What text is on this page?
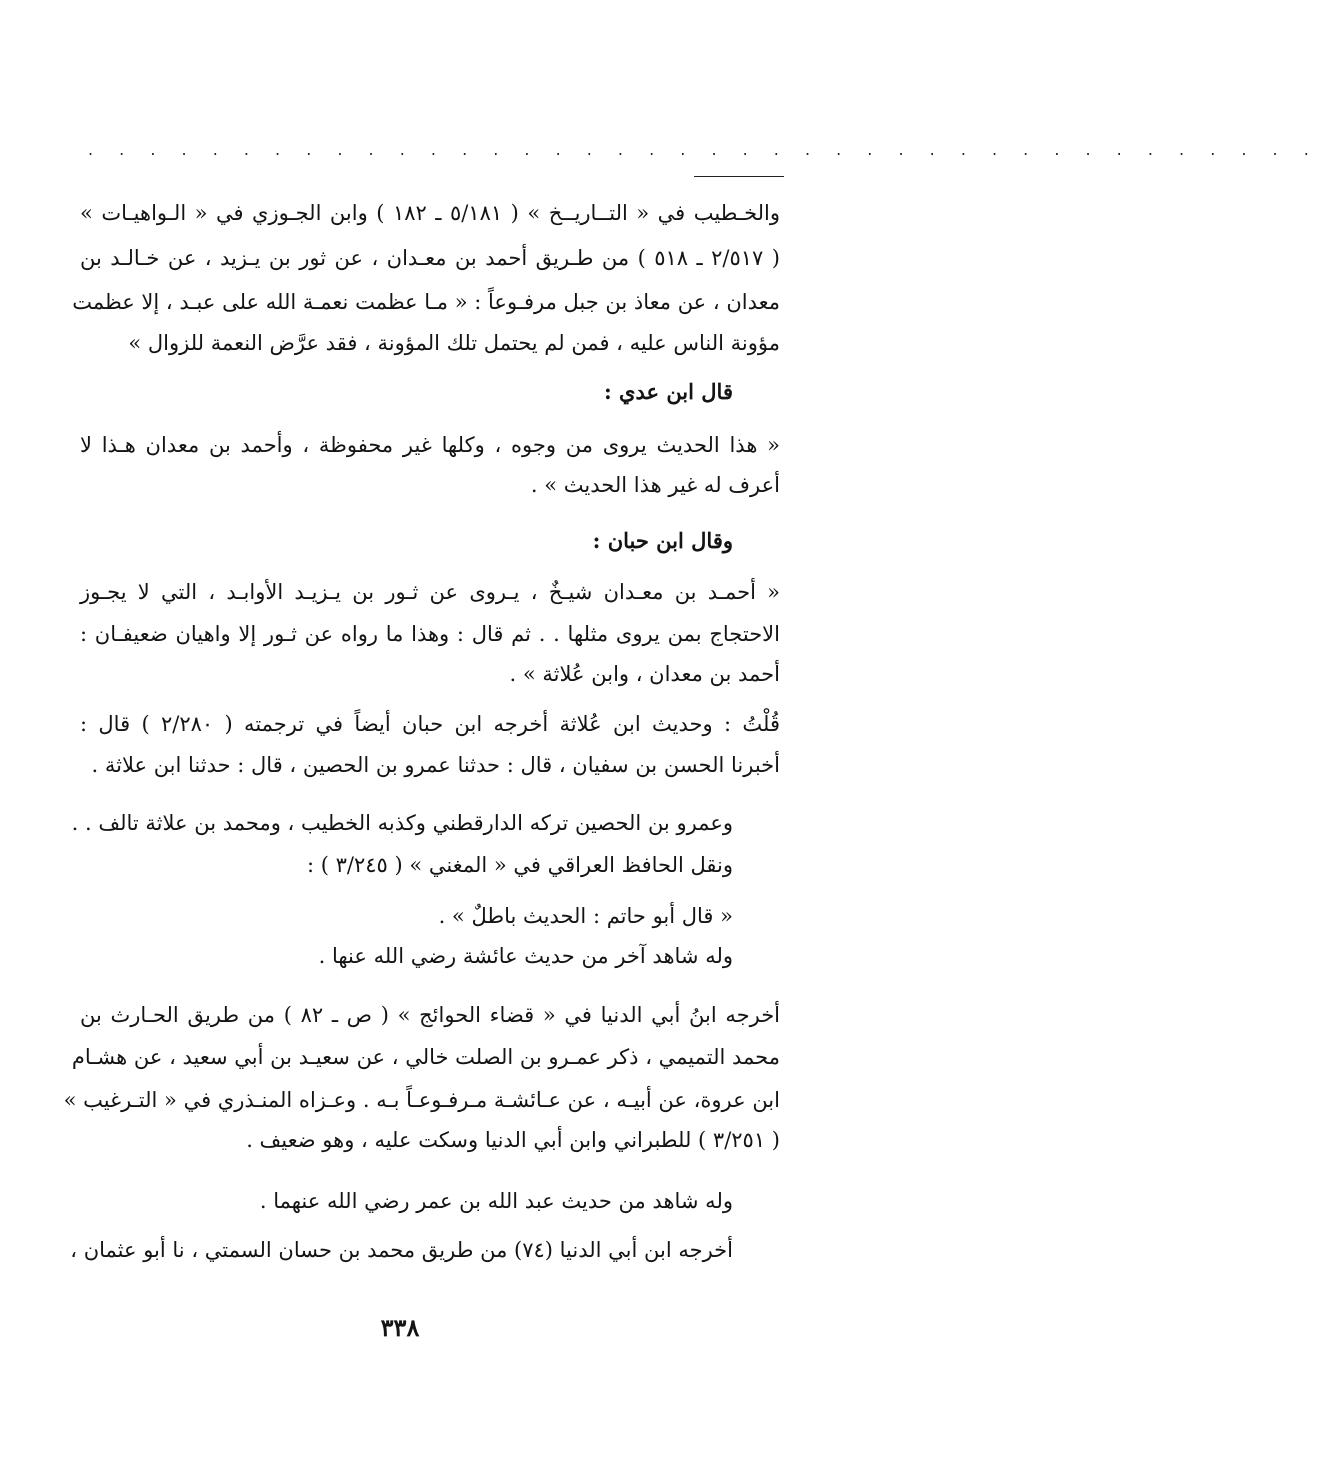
. . . . . . . . . . . . . . . . . . . . . . . . . . . . . . . . . . . . . . . .

والخـطيب في « التــاريــخ » ( ٥/١٨١ ـ ١٨٢ ) وابن الجـوزي في « الـواهيـات »

( ٢/٥١٧ ـ ٥١٨ ) من طـريق أحمد بن معـدان ، عن ثور بن يـزيد ، عن خـالـد بن

معدان ، عن معاذ بن جبل مرفـوعاً : « مـا عظمت نعمـة الله على عبـد ، إلا عظمت

مؤونة الناس عليه ، فمن لم يحتمل تلك المؤونة ، فقد عرَّض النعمة للزوال »

قال ابن عدي :

« هذا الحديث يروى من وجوه ، وكلها غير محفوظة ، وأحمد بن معدان هـذا لا

أعرف له غير هذا الحديث » .

وقال ابن حبان :

« أحمـد بن معـدان شيـخٌ ، يـروى عن ثـور بن يـزيـد الأوابـد ، التي لا يجـوز

الاحتجاج بمن يروى مثلها . . ثم قال : وهذا ما رواه عن ثـور إلا واهيان ضعيفـان :

أحمد بن معدان ، وابن عُلاثة » .

قُلْتُ : وحديث ابن عُلاثة أخرجه ابن حبان أيضاً في ترجمته ( ٢/٢٨٠ ) قال :

أخبرنا الحسن بن سفيان ، قال : حدثنا عمرو بن الحصين ، قال : حدثنا ابن علاثة .

وعمرو بن الحصين تركه الدارقطني وكذبه الخطيب ، ومحمد بن علاثة تالف . .

ونقل الحافظ العراقي في « المغني » ( ٣/٢٤٥ ) :

« قال أبو حاتم : الحديث باطلٌ » .

وله شاهد آخر من حديث عائشة رضي الله عنها .

أخرجه ابنُ أبي الدنيا في « قضاء الحوائج » ( ص ـ ٨٢ ) من طريق الحـارث بن

محمد التميمي ، ذكر عمـرو بن الصلت خالي ، عن سعيـد بن أبي سعيد ، عن هشـام

ابن عروة، عن أبيـه ، عن عـائشـة مـرفـوعـاً بـه . وعـزاه المنـذري في « التـرغيب »

( ٣/٢٥١ ) للطبراني وابن أبي الدنيا وسكت عليه ، وهو ضعيف .

وله شاهد من حديث عبد الله بن عمر رضي الله عنهما .

أخرجه ابن أبي الدنيا (٧٤) من طريق محمد بن حسان السمتي ، نا أبو عثمان ،

٣٣٨
